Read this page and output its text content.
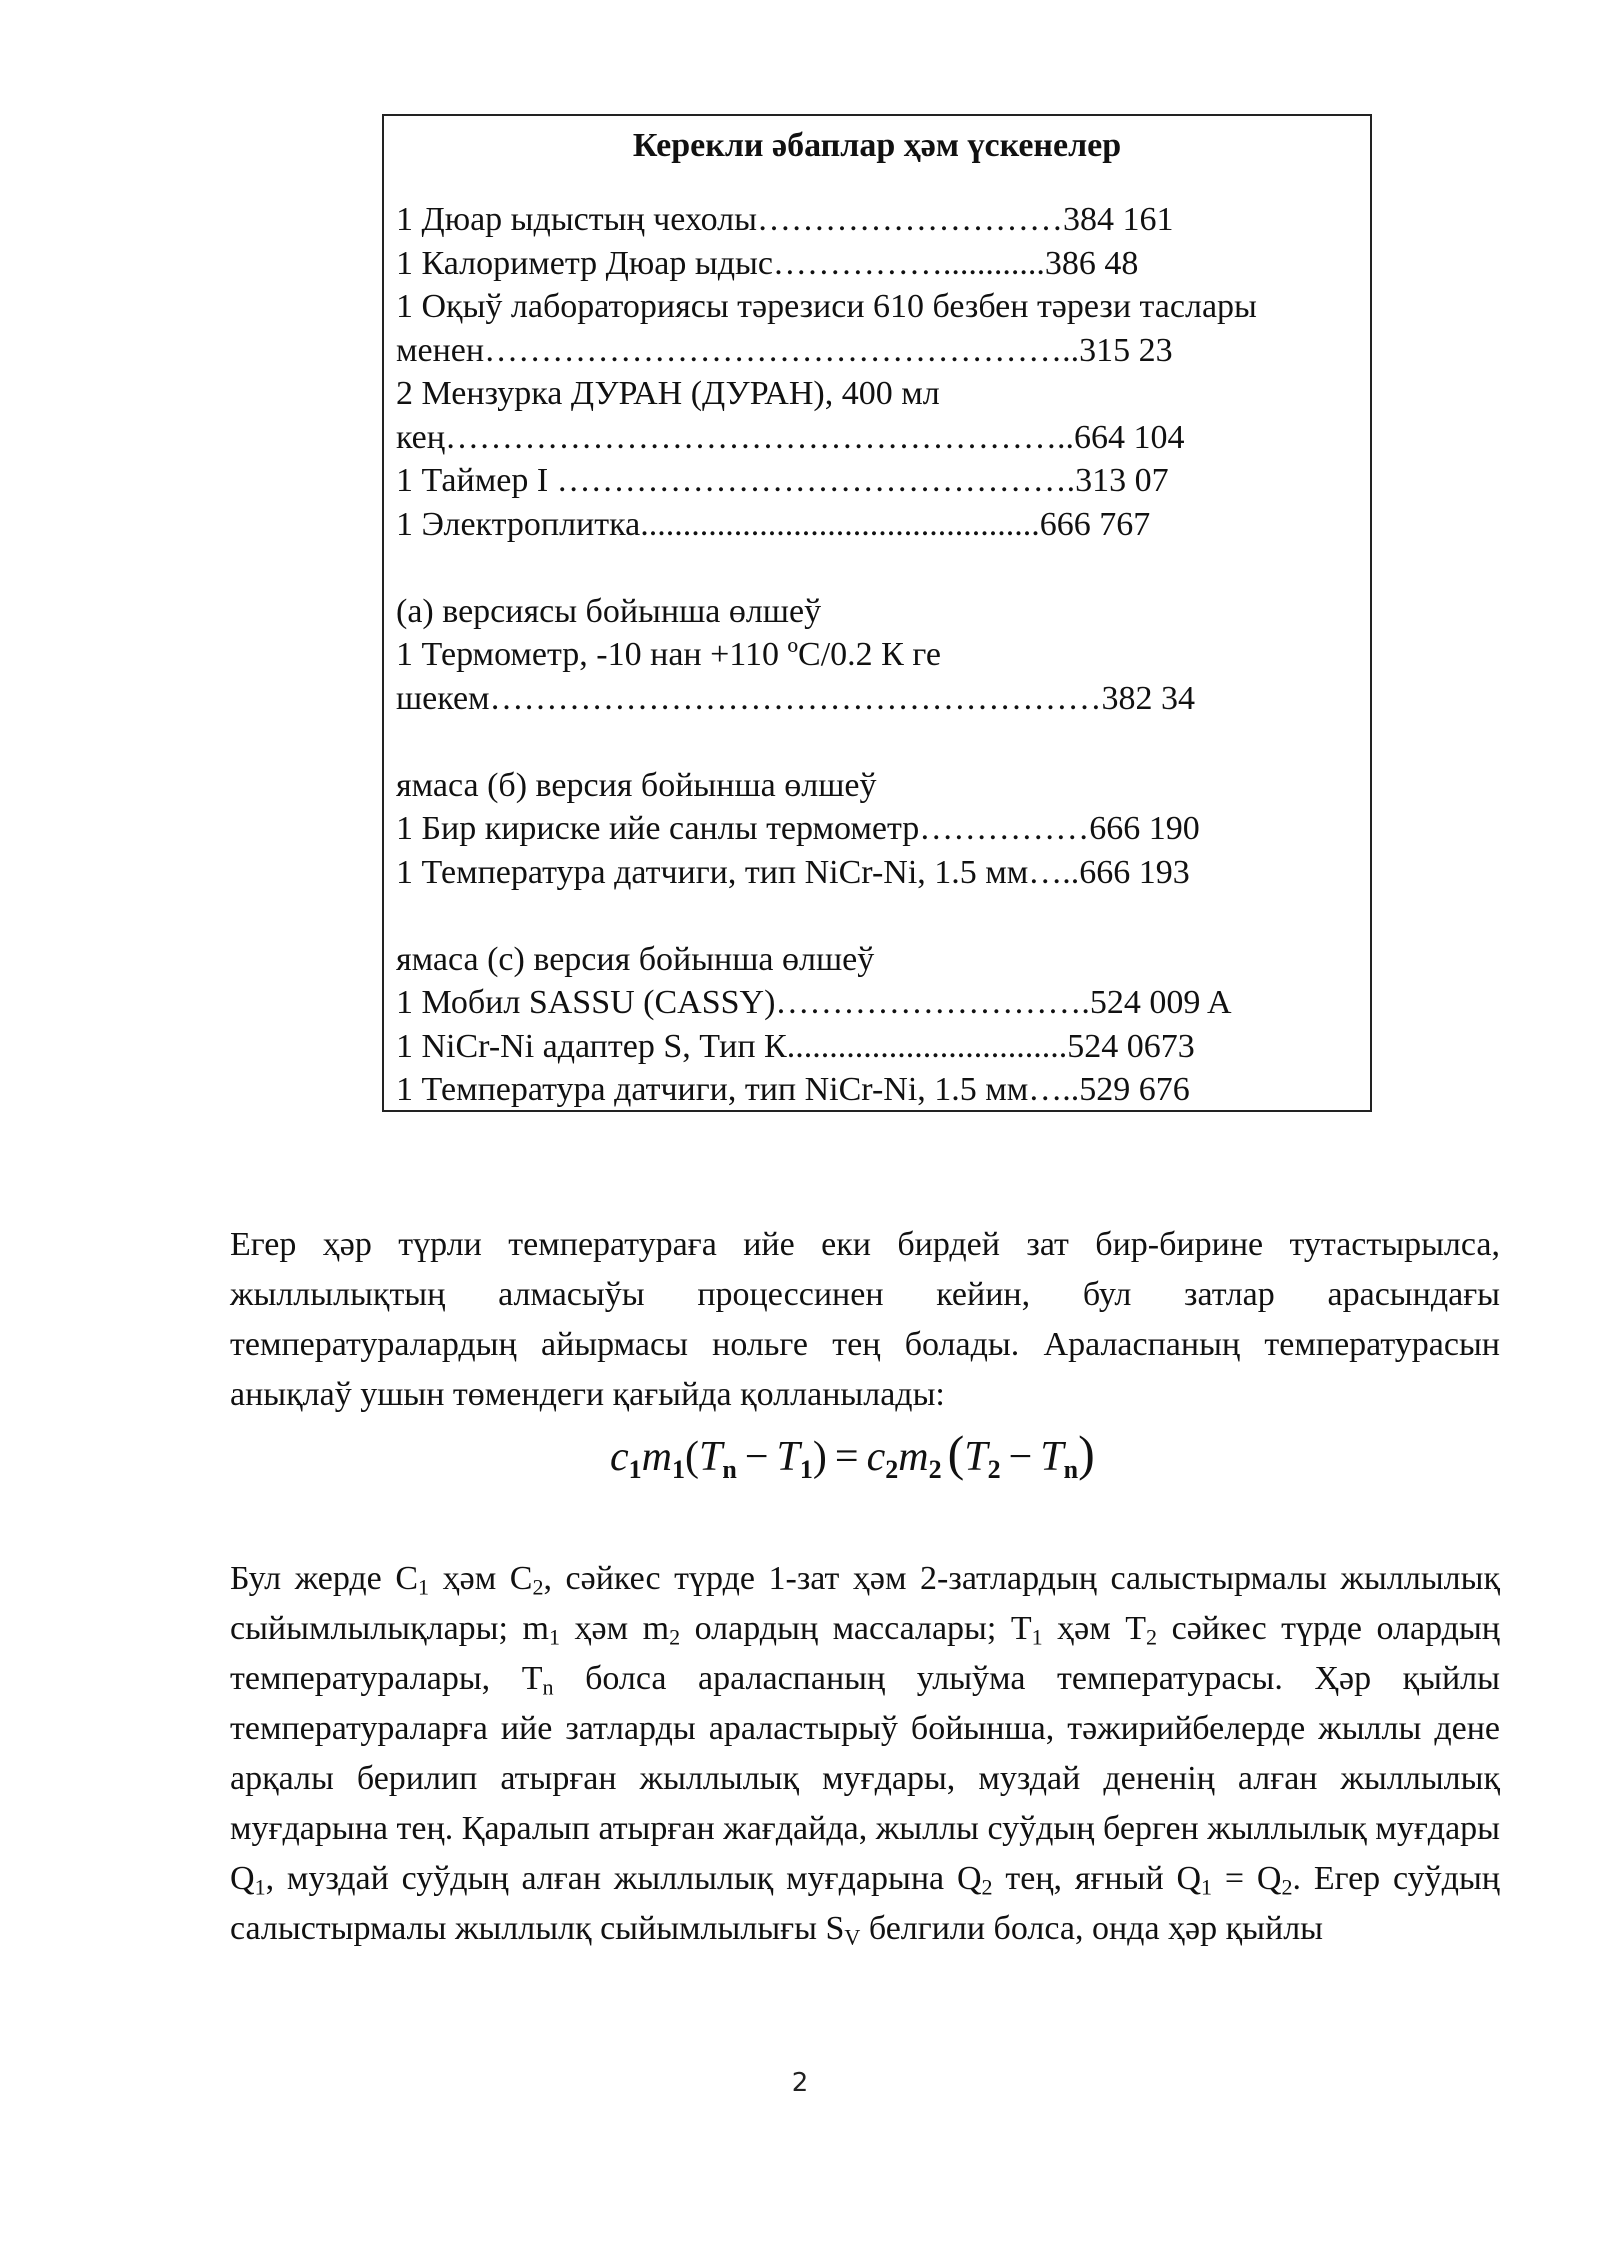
Керекли әбаплар ҳәм үскенелер
1 Дюар ыдыстың чехолы………………………384 161
1 Калориметр Дюар ыдыс……………............386 48
1 Оқыў лабораториясы тәрезиси 610 безбен тәрези таслары
менен……………………………………………..315 23
2 Мензурка ДУРАН (ДУРАН), 400 мл
кең………………………………………………..664 104
1 Таймер I ……………………………………….313 07
1 Электроплитка...............................................666 767
(а) версиясы бойынша өлшеў
1 Термометр, -10 нан +110 ºC/0.2 К ге
шекем………………………………………………382 34
ямаса (б) версия бойынша өлшеў
1 Бир кириске ийе санлы термометр……………666 190
1 Температура датчиги, тип NiCr-Ni, 1.5 мм…..666 193
ямаса (с) версия бойынша өлшеў
1 Мобил SASSU (CASSY)……………………….524 009 A
1 NiCr-Ni адаптер S, Тип К.................................524 0673
1 Температура датчиги, тип NiCr-Ni, 1.5 мм…..529 676

Егер ҳәр түрли температураға ийе еки бирдей зат бир-бирине тутастырылса, жыллылықтың алмасыўы процессинен кейин, бул затлар арасындағы температуралардың айырмасы нольге тең болады. Араласпаның температурасын анықлаў ушын төмендеги қағыйда қолланылады:

c1m1(Tn − T1) = c2m2 (T2 − Tn)

Бул жерде $C_1$ ҳәм $C_2$, сәйкес түрде 1-зат ҳәм 2-затлардың салыстырмалы жыллылық сыйымлылықлары; $m_1$ ҳәм $m_2$ олардың массалары; $T_1$ ҳәм $T_2$ сәйкес түрде олардың температуралары, $T_n$ болса араласпаның улыўма температурасы. Ҳәр қыйлы температураларға ийе затларды араластырыў бойынша, тәжирийбелерде жыллы дене арқалы берилип атырған жыллылық муғдары, муздай дененің алған жыллылық муғдарына тең. Қаралып атырған жағдайда, жыллы суўдың берген жыллылық муғдары $Q_1$, муздай суўдың алған жыллылық муғдарына $Q_2$ тең, яғный $Q_1 = Q_2$. Егер суўдың салыстырмалы жыллылқ сыйымлылығы $S_V$ белгили болса, онда ҳәр қыйлы

2
